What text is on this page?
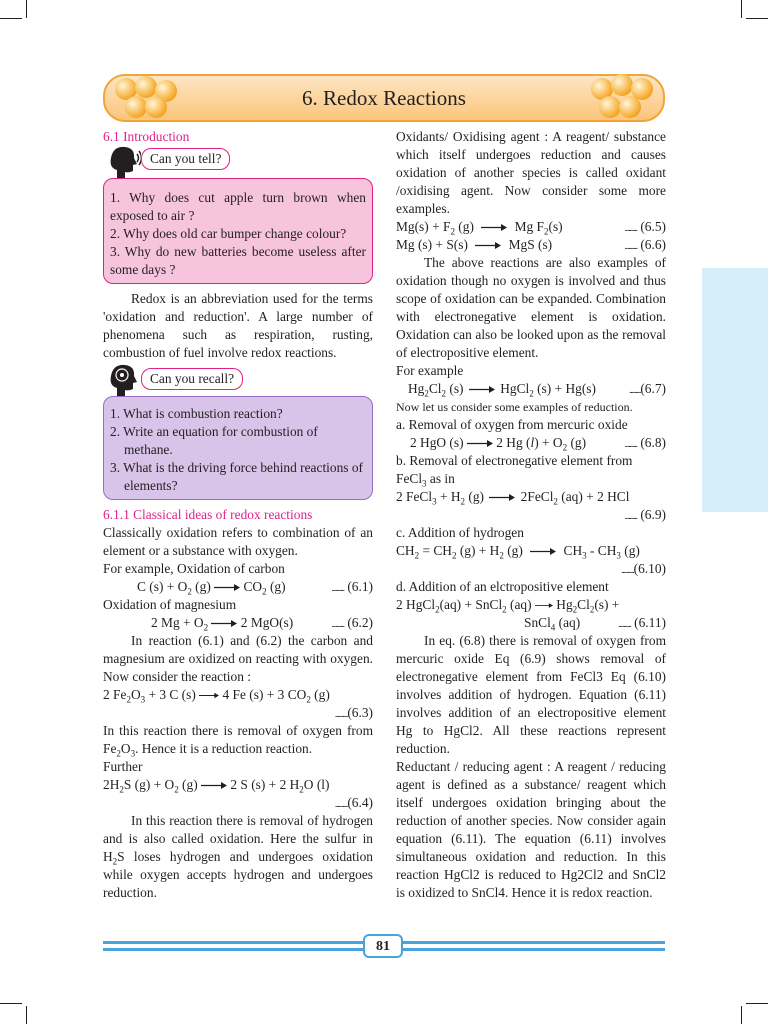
6. Redox Reactions

6.1 Introduction

Can you tell?

1. Why does cut apple turn brown when exposed to air ?

2. Why does old car bumper change colour?

3. Why do new batteries become useless after some days ?

Redox is an abbreviation used for the terms 'oxidation and reduction'. A large number of phenomena such as respiration, rusting, combustion of fuel involve redox reactions.

Can you recall?

1. What is combustion reaction?

2. Write an equation for combustion of methane.

3. What is the driving force behind reactions of elements?

6.1.1 Classical ideas of redox reactions

Classically oxidation refers to combination of an element or a substance with oxygen.

For example, Oxidation of carbon

C $(s) + O_2$ (g)  $CO_2$ (g)	.......... (6.1)

Oxidation of magnesium

2 $Mg + O_2$  2 MgO(s)	.......... (6.2)

In reaction (6.1) and (6.2) the carbon and magnesium are oxidized on reacting with oxygen. Now consider the reaction :

2 $Fe_2O_3 + 3$ C (s)  4 Fe (s) + 3 $CO_2$ (g)
..........(6.3)

In this reaction there is removal of oxygen from $Fe_2O_3$. Hence it is a reduction reaction.

Further

$2H_2S$ $(g) + O_2$ (g)  2 S (s) + 2 $H_2O$ (l)
..........(6.4)

In this reaction there is removal of hydrogen and is also called oxidation. Here the sulfur in $H_2S$ loses hydrogen and undergoes oxidation while oxygen accepts hydrogen and undergoes reduction.

Oxidants/ Oxidising agent : A reagent/ substance which itself undergoes reduction and causes oxidation of another species is called oxidant /oxidising agent. Now consider some more examples.

$Mg(s) + F_2$ (g)	Mg $F_2(s)$	.......... (6.5)
Mg (s) + S(s)	MgS (s)	.......... (6.6)

The above reactions are also examples of oxidation though no oxygen is involved and thus scope of oxidation can be expanded. Combination with electronegative element is oxidation. Oxidation can also be looked upon as the removal of electropositive element.

For example

$Hg_2Cl_2$ (s)  HgCl$_2$ (s) + Hg(s)	.........(6.7)

Now let us consider some examples of reduction.

a. Removal of oxygen from mercuric oxide

2 HgO (s)  2 Hg $(l) + O_2$ (g)	.......... (6.8)

b. Removal of electronegative element from

FeCl$_3$ as in

2 FeCl$_3$ + $H_2$ (g)  2FeCl$_2$ (aq) + 2 HCl
.......... (6.9)

c. Addition of hydrogen

$CH_2 = CH_2$ $(g) + H_2$ (g)	$CH_3 - CH_3$ (g)
..........(6.10)

d. Addition of an elctropositive element

2 HgCl$_2$(aq) + SnCl$_2$ (aq)  $Hg_2Cl_2(s)$ +
SnCl$_4$ (aq)	.......... (6.11)

In eq. (6.8) there is removal of oxygen from mercuric oxide Eq (6.9) shows removal of electronegative element from FeCl3 Eq (6.10) involves addition of hydrogen. Equation (6.11) involves addition of an electropositive element Hg to HgCl2. All these reactions represent reduction.

Reductant / reducing agent : A reagent / reducing agent is defined as a substance/ reagent which itself undergoes oxidation bringing about the reduction of another species. Now consider again equation (6.11). The equation (6.11) involves simultaneous oxidation and reduction. In this reaction HgCl2 is reduced to Hg2Cl2 and SnCl2 is oxidized to SnCl4. Hence it is redox reaction.

81
